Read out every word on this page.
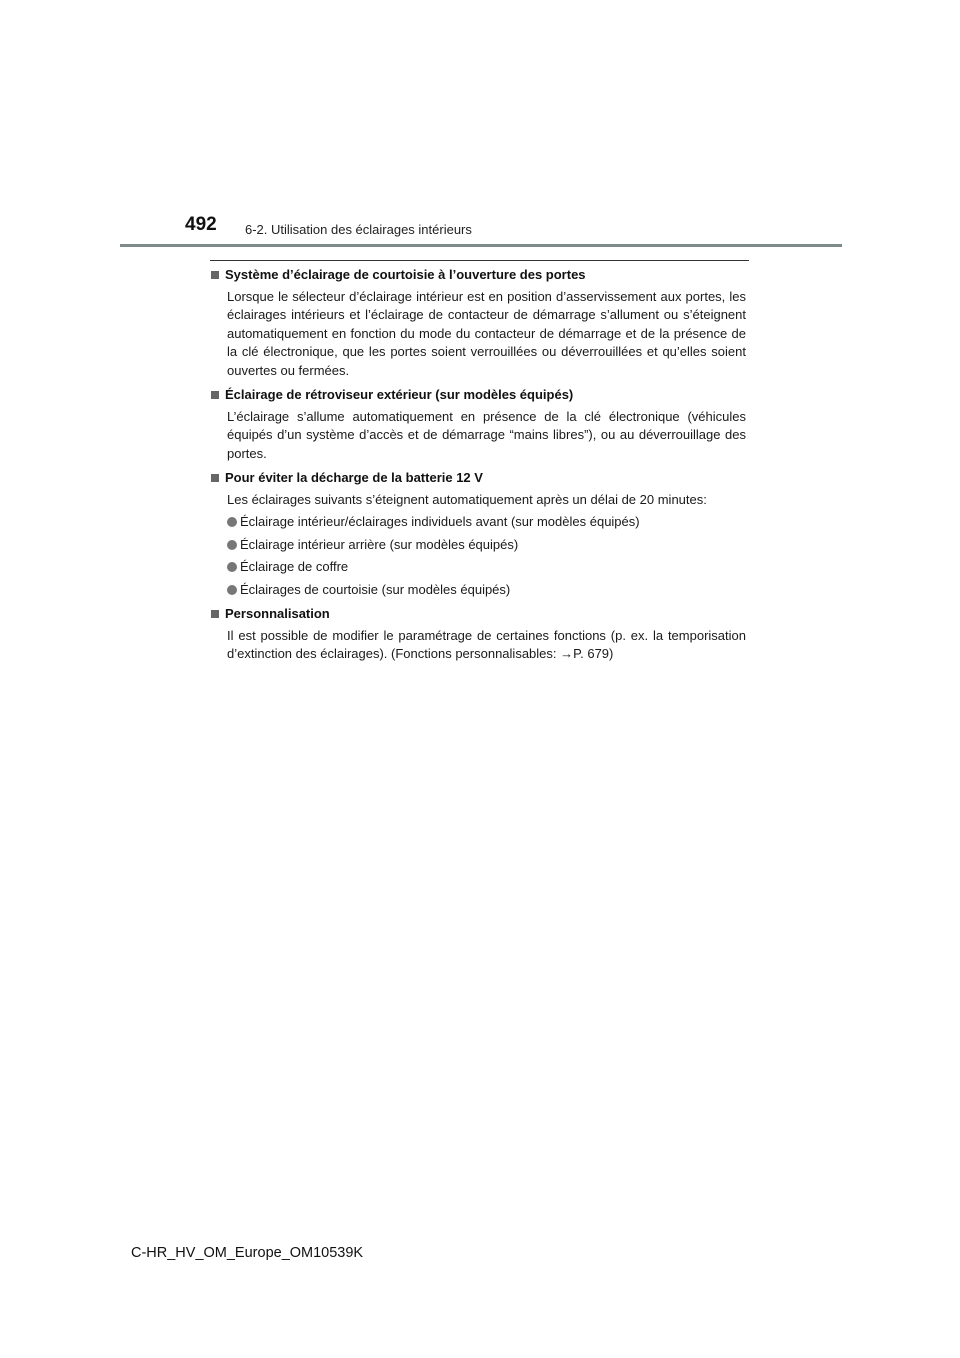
492 6-2. Utilisation des éclairages intérieurs

Système d’éclairage de courtoisie à l’ouverture des portes

Lorsque le sélecteur d’éclairage intérieur est en position d’asservissement aux portes, les éclairages intérieurs et l’éclairage de contacteur de démarrage s’allument ou s’éteignent automatiquement en fonction du mode du contacteur de démarrage et de la présence de la clé électronique, que les portes soient verrouillées ou déverrouillées et qu’elles soient ouvertes ou fermées.

Éclairage de rétroviseur extérieur (sur modèles équipés)

L’éclairage s’allume automatiquement en présence de la clé électronique (véhicules équipés d’un système d’accès et de démarrage “mains libres”), ou au déverrouillage des portes.

Pour éviter la décharge de la batterie 12 V

Les éclairages suivants s’éteignent automatiquement après un délai de 20 minutes:

Éclairage intérieur/éclairages individuels avant (sur modèles équipés)
Éclairage intérieur arrière (sur modèles équipés)
Éclairage de coffre
Éclairages de courtoisie (sur modèles équipés)

Personnalisation

Il est possible de modifier le paramétrage de certaines fonctions (p. ex. la temporisation d’extinction des éclairages). (Fonctions personnalisables: →P. 679)

C-HR_HV_OM_Europe_OM10539K
